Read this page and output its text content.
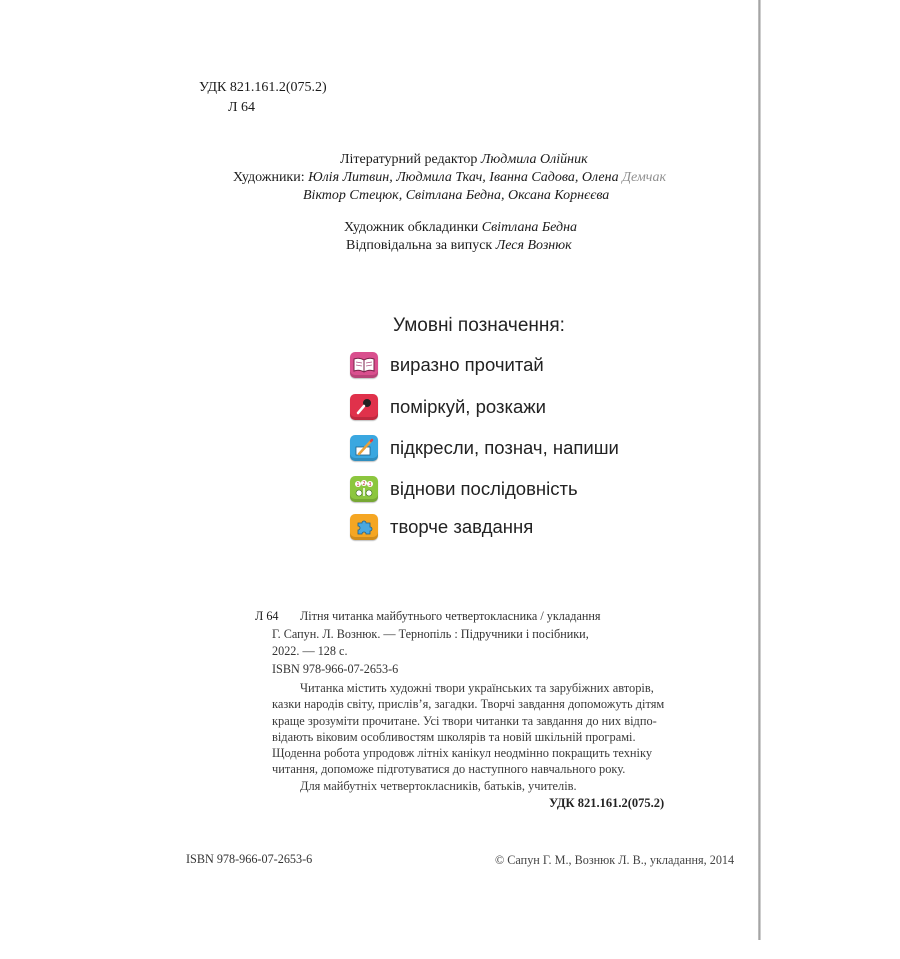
УДК 821.161.2(075.2)
Л 64
Літературний редактор Людмила Олійник
Художники: Юлія Литвин, Людмила Ткач, Іванна Садова, Олена Демчак
Віктор Стецюк, Світлана Бедна, Оксана Корнєєва
Художник обкладинки Світлана Бедна
Відповідальна за випуск Леся Вознюк
Умовні позначення:
виразно прочитай
поміркуй, розкажи
підкресли, познач, напиши
2
1 3 віднови послідовність
творче завдання
Л 64 Літня читанка майбутнього четвертокласника / укладання
Г. Сапун. Л. Вознюк. — Тернопіль : Підручники і посібники,
2022. — 128 с.
ISBN 978-966-07-2653-6

Читанка містить художні твори українських та зарубіжних авторів,

казки народів світу, прислів’я, загадки. Творчі завдання допоможуть дітям

краще зрозуміти прочитане. Усі твори читанки та завдання до них відпо-

відають віковим особливостям школярів та новій шкільній програмі.

Щоденна робота упродовж літніх канікул неодмінно покращить техніку

читання, допоможе підготуватися до наступного навчального року.

Для майбутніх четвертокласників, батьків, учителів.

УДК 821.161.2(075.2)
ISBN 978-966-07-2653-6	© Сапун Г. М., Вознюк Л. В., укладання, 2014
